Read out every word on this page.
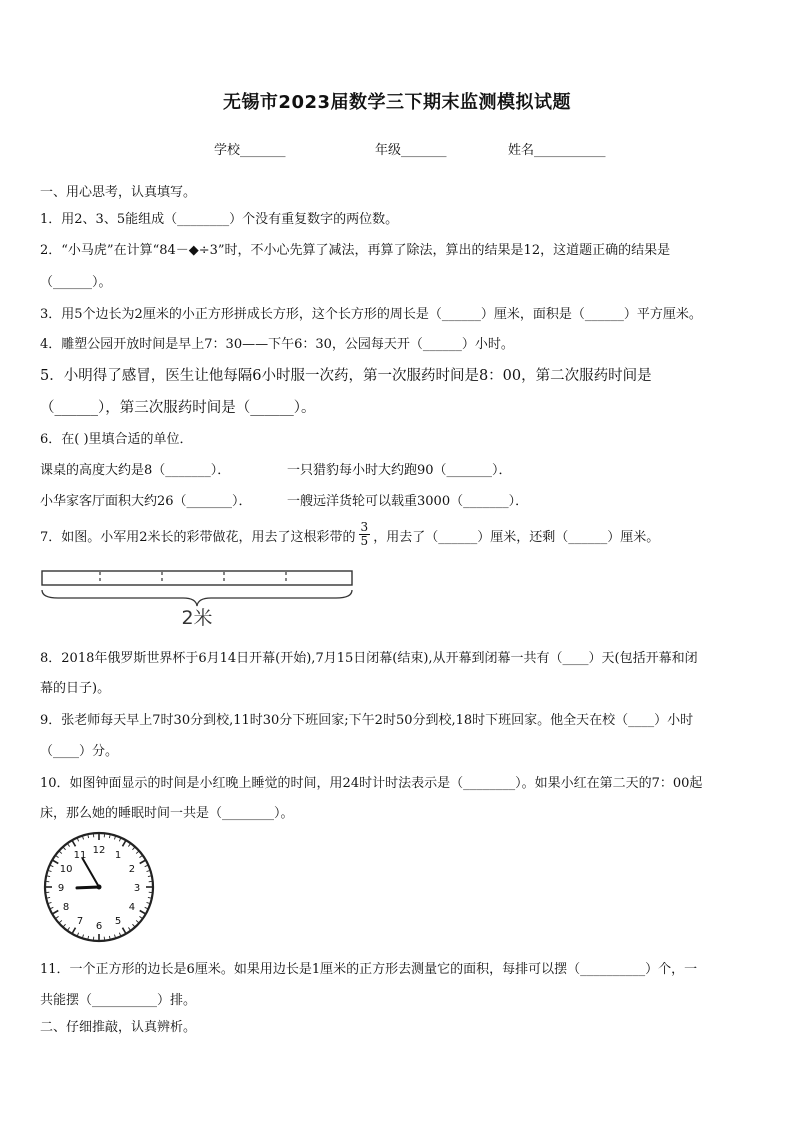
无锡市2023届数学三下期末监测模拟试题
学校_______	年级_______	姓名___________
一、用心思考，认真填写。
1．用2、3、5能组成（________）个没有重复数字的两位数。
2．“小马虎”在计算“84－◆÷3”时，不小心先算了减法，再算了除法，算出的结果是12，这道题正确的结果是
（______）。
3．用5个边长为2厘米的小正方形拼成长方形，这个长方形的周长是（______）厘米，面积是（______）平方厘米。
4．雕塑公园开放时间是早上7：30——下午6：30，公园每天开（______）小时。
5．小明得了感冒，医生让他每隔6小时服一次药，第一次服药时间是8：00，第二次服药时间是
（______），第三次服药时间是（______）。
6．在( )里填合适的单位．
课桌的高度大约是8（_______）．	一只猎豹每小时大约跑90（_______）．
小华家客厅面积大约26（_______）．	一艘远洋货轮可以载重3000（_______）．
7．如图。小军用2米长的彩带做花，用去了这根彩带的 $\frac{3}{5}$ ，用去了（______）厘米，还剩（______）厘米。
2米
8．2018年俄罗斯世界杯于6月14日开幕(开始),7月15日闭幕(结束),从开幕到闭幕一共有（____）天(包括开幕和闭
幕的日子)。
9．张老师每天早上7时30分到校,11时30分下班回家;下午2时50分到校,18时下班回家。他全天在校（____）小时
（____）分。
10．如图钟面显示的时间是小红晚上睡觉的时间，用24时计时法表示是（________）。如果小红在第二天的7：00起
床，那么她的睡眠时间一共是（________）。
12 1
2
3
4
5
6
7
8
9
10
11
11．一个正方形的边长是6厘米。如果用边长是1厘米的正方形去测量它的面积，每排可以摆（__________）个，一
共能摆（__________）排。
二、仔细推敲，认真辨析。
